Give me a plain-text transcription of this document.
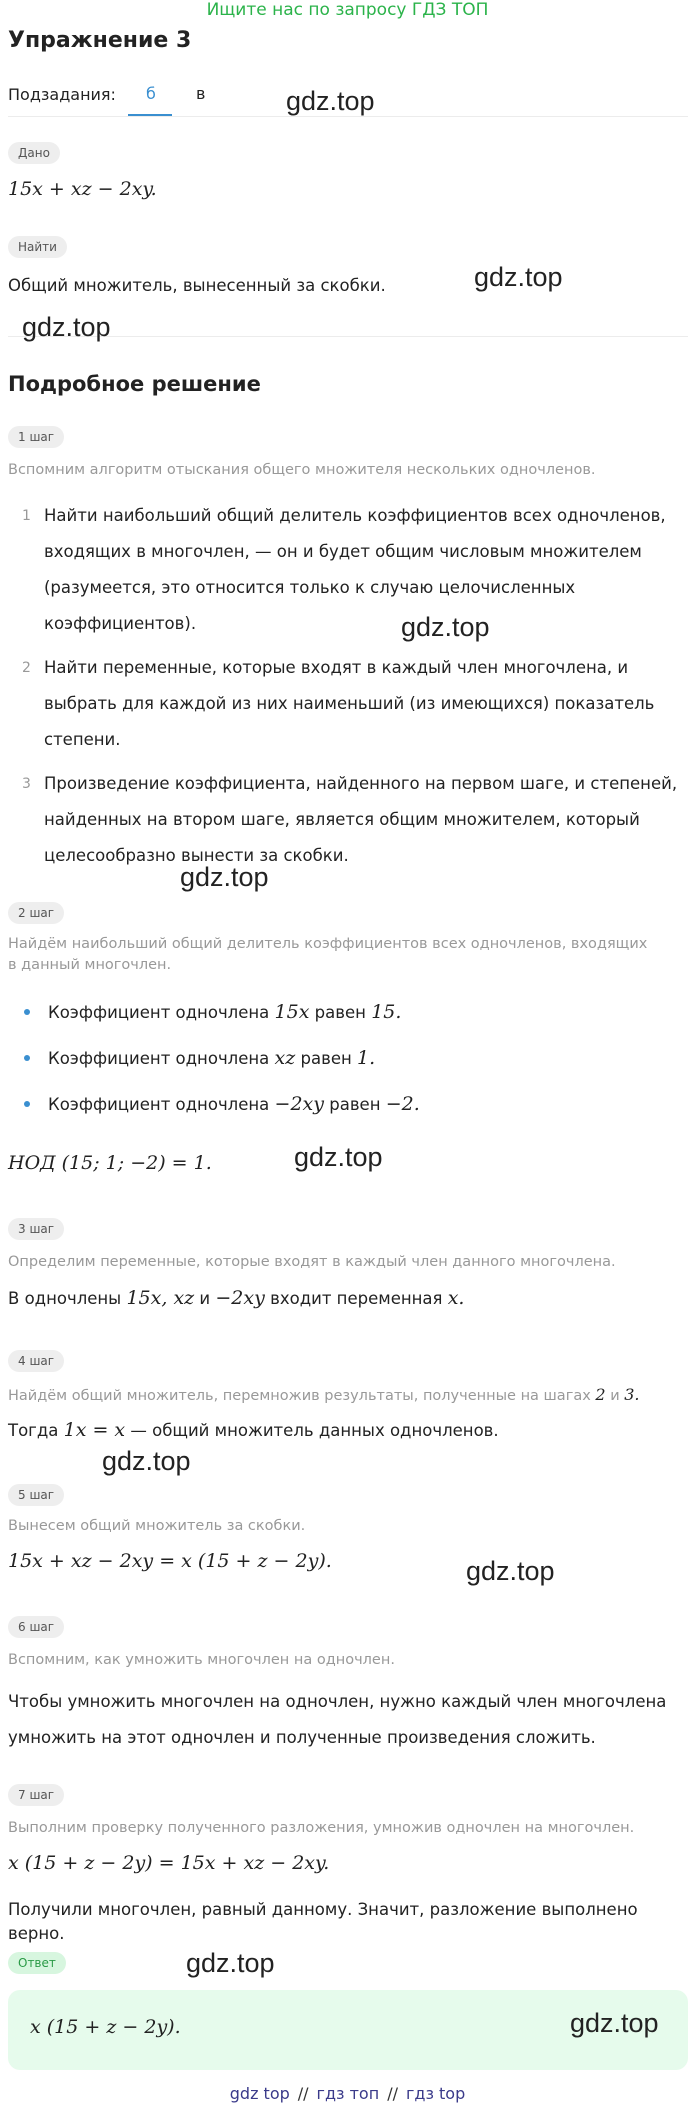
Ищите нас по запросу ГДЗ ТОП
Упражнение 3
Подзадания: б	в
Дано
15x + xz − 2xy.
Найти
Общий множитель, вынесенный за скобки.
Подробное решение
1 шаг
Вспомним алгоритм отыскания общего множителя нескольких одночленов.
1 Найти наибольший общий делитель коэффициентов всех одночленов, входящих в многочлен, — он и будет общим числовым множителем (разумеется, это относится только к случаю целочисленных коэффициентов).
2 Найти переменные, которые входят в каждый член многочлена, и выбрать для каждой из них наименьший (из имеющихся) показатель степени.
3 Произведение коэффициента, найденного на первом шаге, и степеней, найденных на втором шаге, является общим множителем, который целесообразно вынести за скобки.
2 шаг
Найдём наибольший общий делитель коэффициентов всех одночленов, входящих в данный многочлен.
Коэффициент одночлена 15x равен 15.
Коэффициент одночлена xz равен 1.
Коэффициент одночлена −2xy равен −2.
НОД (15; 1; −2) = 1.
3 шаг
Определим переменные, которые входят в каждый член данного многочлена.
В одночлены 15x, xz и −2xy входит переменная x.
4 шаг
Найдём общий множитель, перемножив результаты, полученные на шагах 2 и 3.
Тогда 1x = x — общий множитель данных одночленов.
5 шаг
Вынесем общий множитель за скобки.
15x + xz − 2xy = x (15 + z − 2y).
6 шаг
Вспомним, как умножить многочлен на одночлен.
Чтобы умножить многочлен на одночлен, нужно каждый член многочлена умножить на этот одночлен и полученные произведения сложить.
7 шаг
Выполним проверку полученного разложения, умножив одночлен на многочлен.
x (15 + z − 2y) = 15x + xz − 2xy.
Получили многочлен, равный данному. Значит, разложение выполнено верно.
Ответ
x (15 + z − 2y).
gdz.top
gdz.top
gdz.top
gdz.top
gdz.top
gdz.top
gdz.top
gdz.top
gdz.top
gdz.top
gdz top // гдз топ // гдз top
